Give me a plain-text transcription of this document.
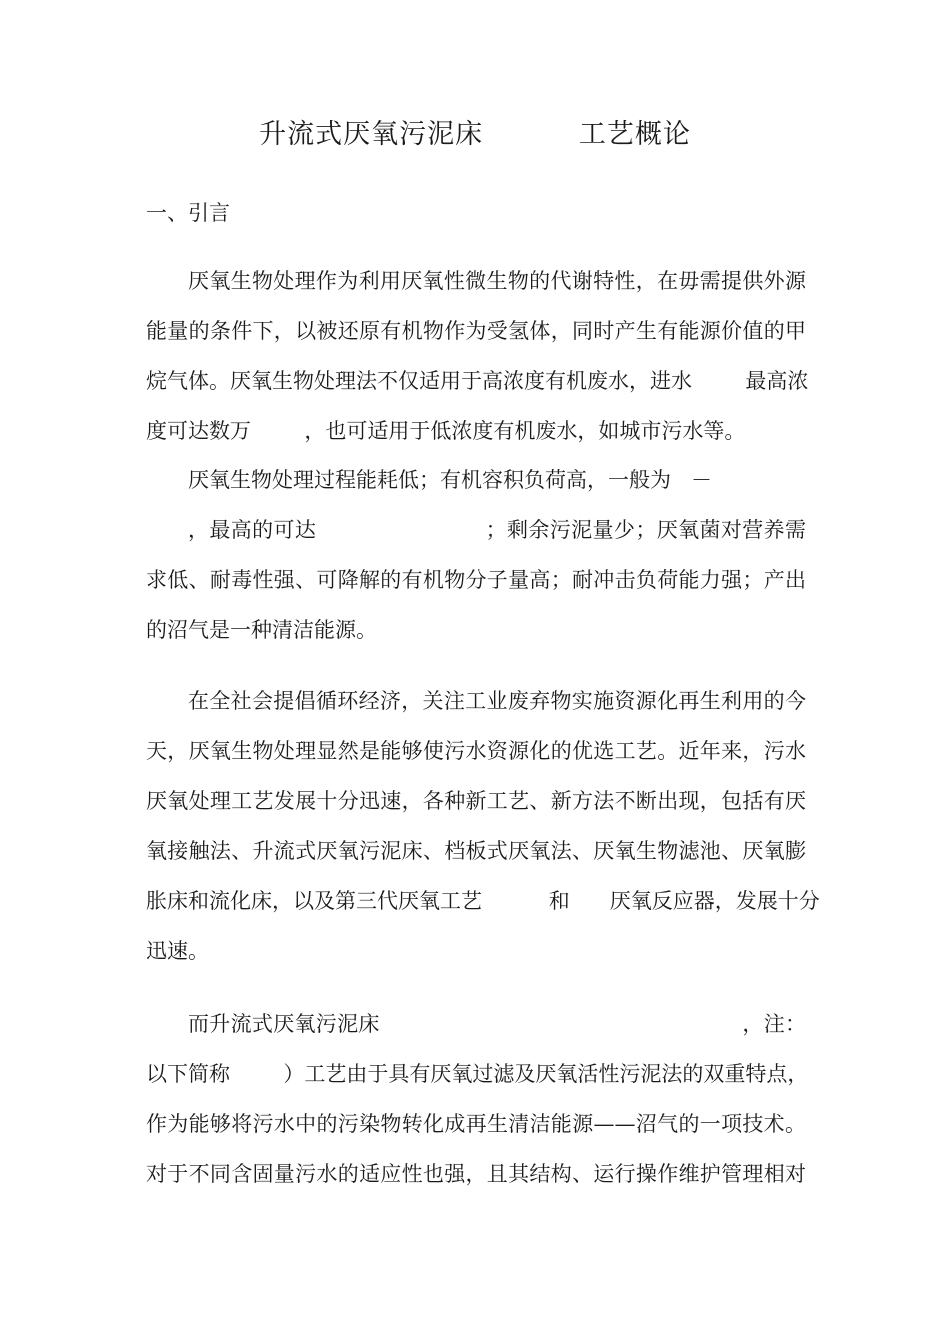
升流式厌氧污泥床          工艺概论
一、引言
厌氧生物处理作为利用厌氧性微生物的代谢特性，在毋需提供外源
能量的条件下，以被还原有机物作为受氢体，同时产生有能源价值的甲
烷气体。厌氧生物处理法不仅适用于高浓度有机废水，进水        最高浓
度可达数万        ，也可适用于低浓度有机废水，如城市污水等。
厌氧生物处理过程能耗低；有机容积负荷高，一般为   －
，最高的可达                        ；剩余污泥量少；厌氧菌对营养需
求低、耐毒性强、可降解的有机物分子量高；耐冲击负荷能力强；产出
的沼气是一种清洁能源。
在全社会提倡循环经济，关注工业废弃物实施资源化再生利用的今
天，厌氧生物处理显然是能够使污水资源化的优选工艺。近年来，污水
厌氧处理工艺发展十分迅速，各种新工艺、新方法不断出现，包括有厌
氧接触法、升流式厌氧污泥床、档板式厌氧法、厌氧生物滤池、厌氧膨
胀床和流化床，以及第三代厌氧工艺          和      厌氧反应器，发展十分
迅速。
而升流式厌氧污泥床                                                    ，注：
以下简称        ）工艺由于具有厌氧过滤及厌氧活性污泥法的双重特点，
作为能够将污水中的污染物转化成再生清洁能源——沼气的一项技术。
对于不同含固量污水的适应性也强，且其结构、运行操作维护管理相对
